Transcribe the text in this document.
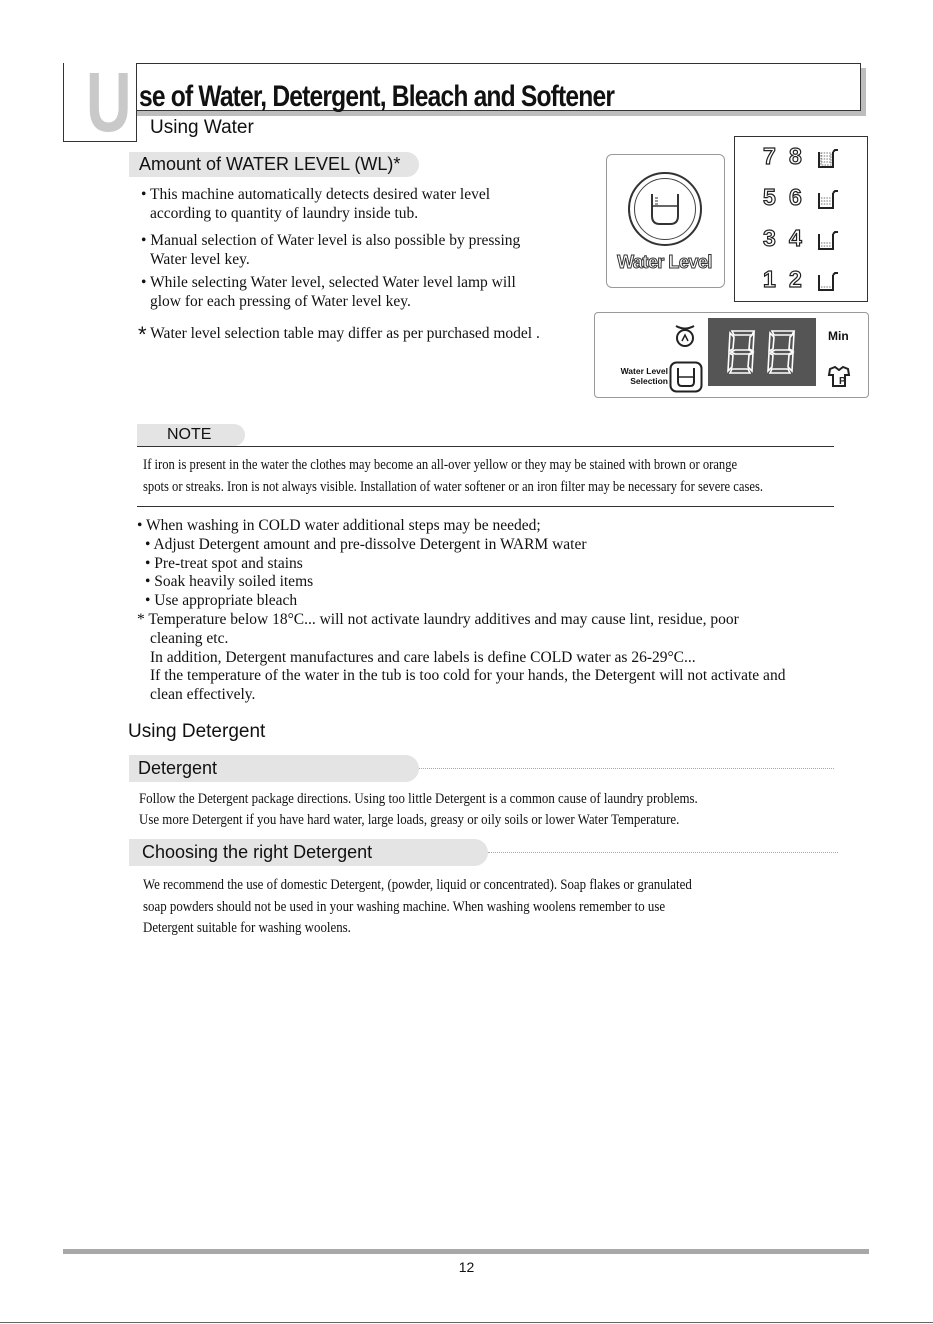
U se of Water, Detergent, Bleach and Softener
Using Water
Amount of WATER LEVEL (WL)*
• This machine automatically detects desired water level
according to quantity of laundry inside tub.
• Manual selection of Water level is also possible by pressing
Water level key.
• While selecting Water level, selected Water level lamp will
glow for each pressing of Water level key.
* Water level selection table may differ as per purchased model .
Water Level
7 8
5 6
3 4
1 2
Water Level
Selection
Min
P
NOTE
If iron is present in the water the clothes may become an all-over yellow or they may be stained with brown or orange
spots or streaks. Iron is not always visible. Installation of water softener or an iron filter may be necessary for severe cases.
• When washing in COLD water additional steps may be needed;
• Adjust Detergent amount and pre-dissolve Detergent in WARM water
• Pre-treat spot and stains
• Soak heavily soiled items
• Use appropriate bleach
* Temperature below 18°C... will not activate laundry additives and may cause lint, residue, poor
cleaning etc.
In addition, Detergent manufactures and care labels is define COLD water as 26-29°C...
If the temperature of the water in the tub is too cold for your hands, the Detergent will not activate and
clean effectively.
Using Detergent
Detergent
Follow the Detergent package directions. Using too little Detergent is a common cause of laundry problems.
Use more Detergent if you have hard water, large loads, greasy or oily soils or lower Water Temperature.
Choosing the right Detergent
We recommend the use of domestic Detergent, (powder, liquid or concentrated). Soap flakes or granulated
soap powders should not be used in your washing machine. When washing woolens remember to use
Detergent suitable for washing woolens.
12
